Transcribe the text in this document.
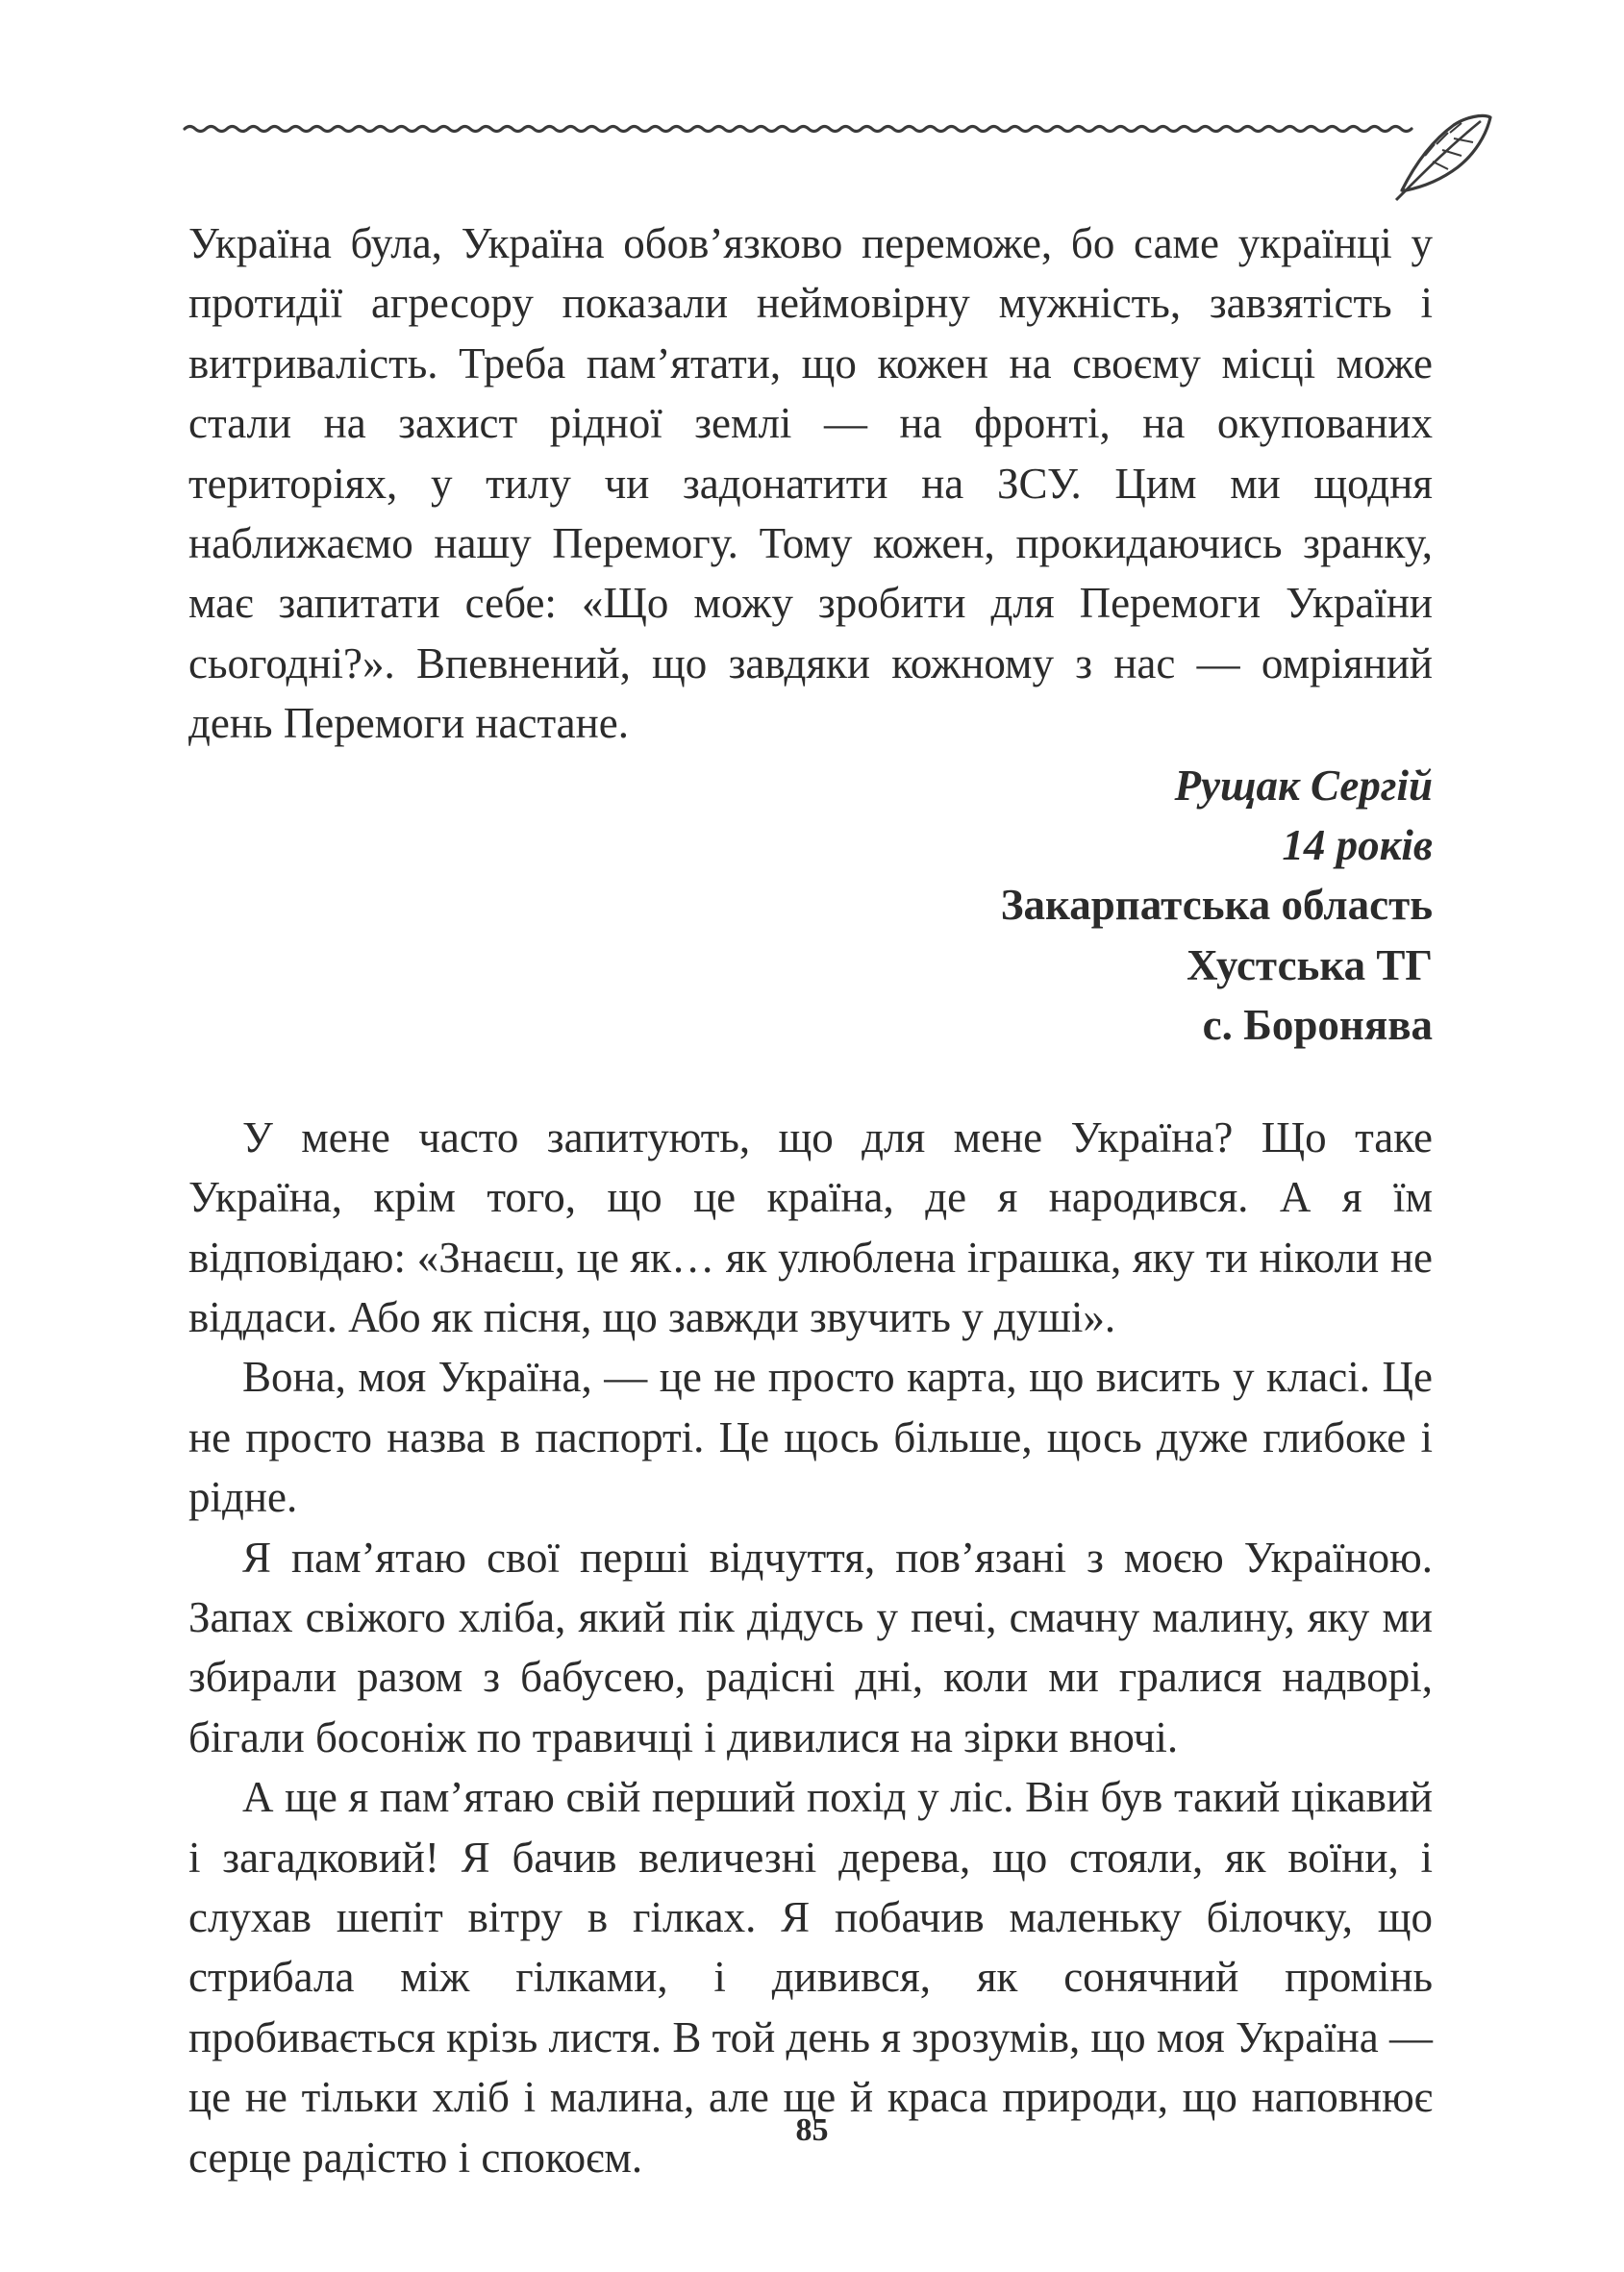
Україна була, Україна обов’язково переможе, бо саме українці у протидії агресору показали неймовірну мужність, завзятість і витривалість. Треба пам’ятати, що кожен на своєму місці може стали на захист рідної землі — на фронті, на окупованих територіях, у тилу чи задонатити на ЗСУ. Цим ми щодня наближаємо нашу Перемогу. Тому кожен, прокидаючись зранку, має запитати себе: «Що можу зробити для Перемоги України сьогодні?». Впевнений, що завдяки кожному з нас — омріяний день Перемоги настане.

Рущак Сергій
14 років
Закарпатська область
Хустська ТГ
с. Боронява

У мене часто запитують, що для мене Україна? Що таке Україна, крім того, що це країна, де я народився. А я їм відповідаю: «Знаєш, це як… як улюблена іграшка, яку ти ніколи не віддаси. Або як пісня, що завжди звучить у душі».

Вона, моя Україна, — це не просто карта, що висить у класі. Це не просто назва в паспорті. Це щось більше, щось дуже глибоке і рідне.

Я пам’ятаю свої перші відчуття, пов’язані з моєю Україною. Запах свіжого хліба, який пік дідусь у печі, смачну малину, яку ми збирали разом з бабусею, радісні дні, коли ми гралися надворі, бігали босоніж по травичці і дивилися на зірки вночі.

А ще я пам’ятаю свій перший похід у ліс. Він був такий цікавий і загадковий! Я бачив величезні дерева, що стояли, як воїни, і слухав шепіт вітру в гілках. Я побачив маленьку білочку, що стрибала між гілками, і дивився, як сонячний промінь пробивається крізь листя. В той день я зрозумів, що моя Україна — це не тільки хліб і малина, але ще й краса природи, що наповнює серце радістю і спокоєм.

85
